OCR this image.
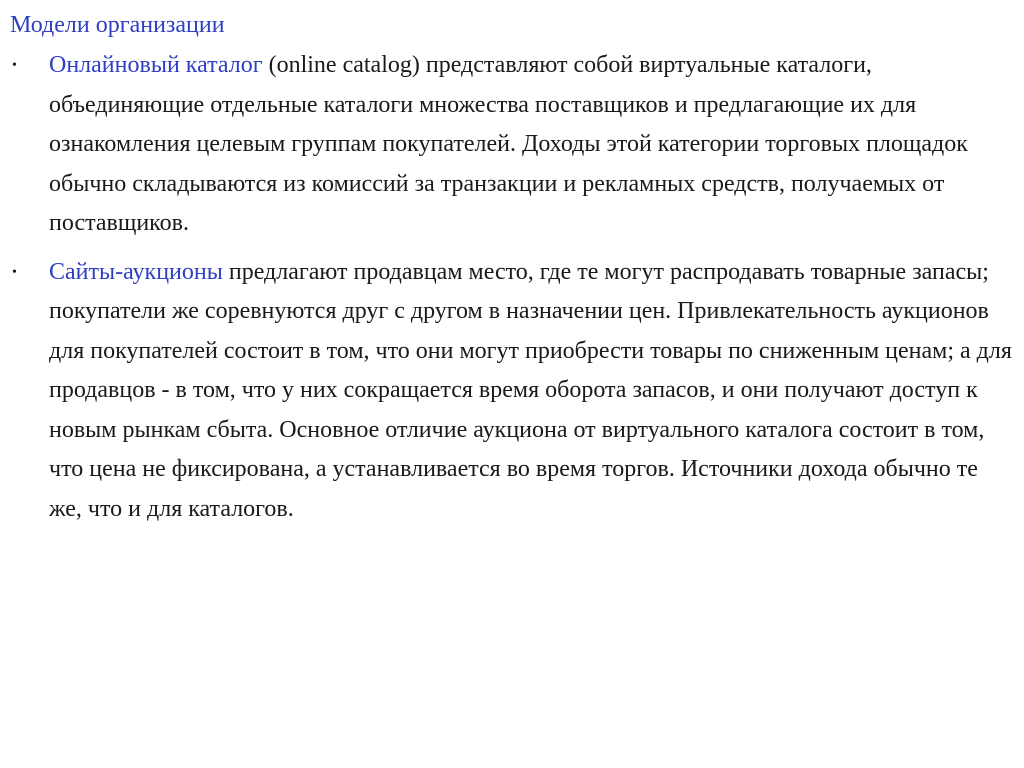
Модели организации
• Онлайновый каталог (online catalog) представляют собой виртуальные каталоги, объединяющие отдельные каталоги множества поставщиков и предлагающие их для ознакомления целевым группам покупателей. Доходы этой категории торговых площадок обычно складываются из комиссий за транзакции и рекламных средств, получаемых от поставщиков.
• Сайты-аукционы предлагают продавцам место, где те могут распродавать товарные запасы; покупатели же соревнуются друг с другом в назначении цен. Привлекательность аукционов для покупателей состоит в том, что они могут приобрести товары по сниженным ценам; а для продавцов - в том, что у них сокращается время оборота запасов, и они получают доступ к новым рынкам сбыта. Основное отличие аукциона от виртуального каталога состоит в том, что цена не фиксирована, а устанавливается во время торгов. Источники дохода обычно те же, что и для каталогов.
